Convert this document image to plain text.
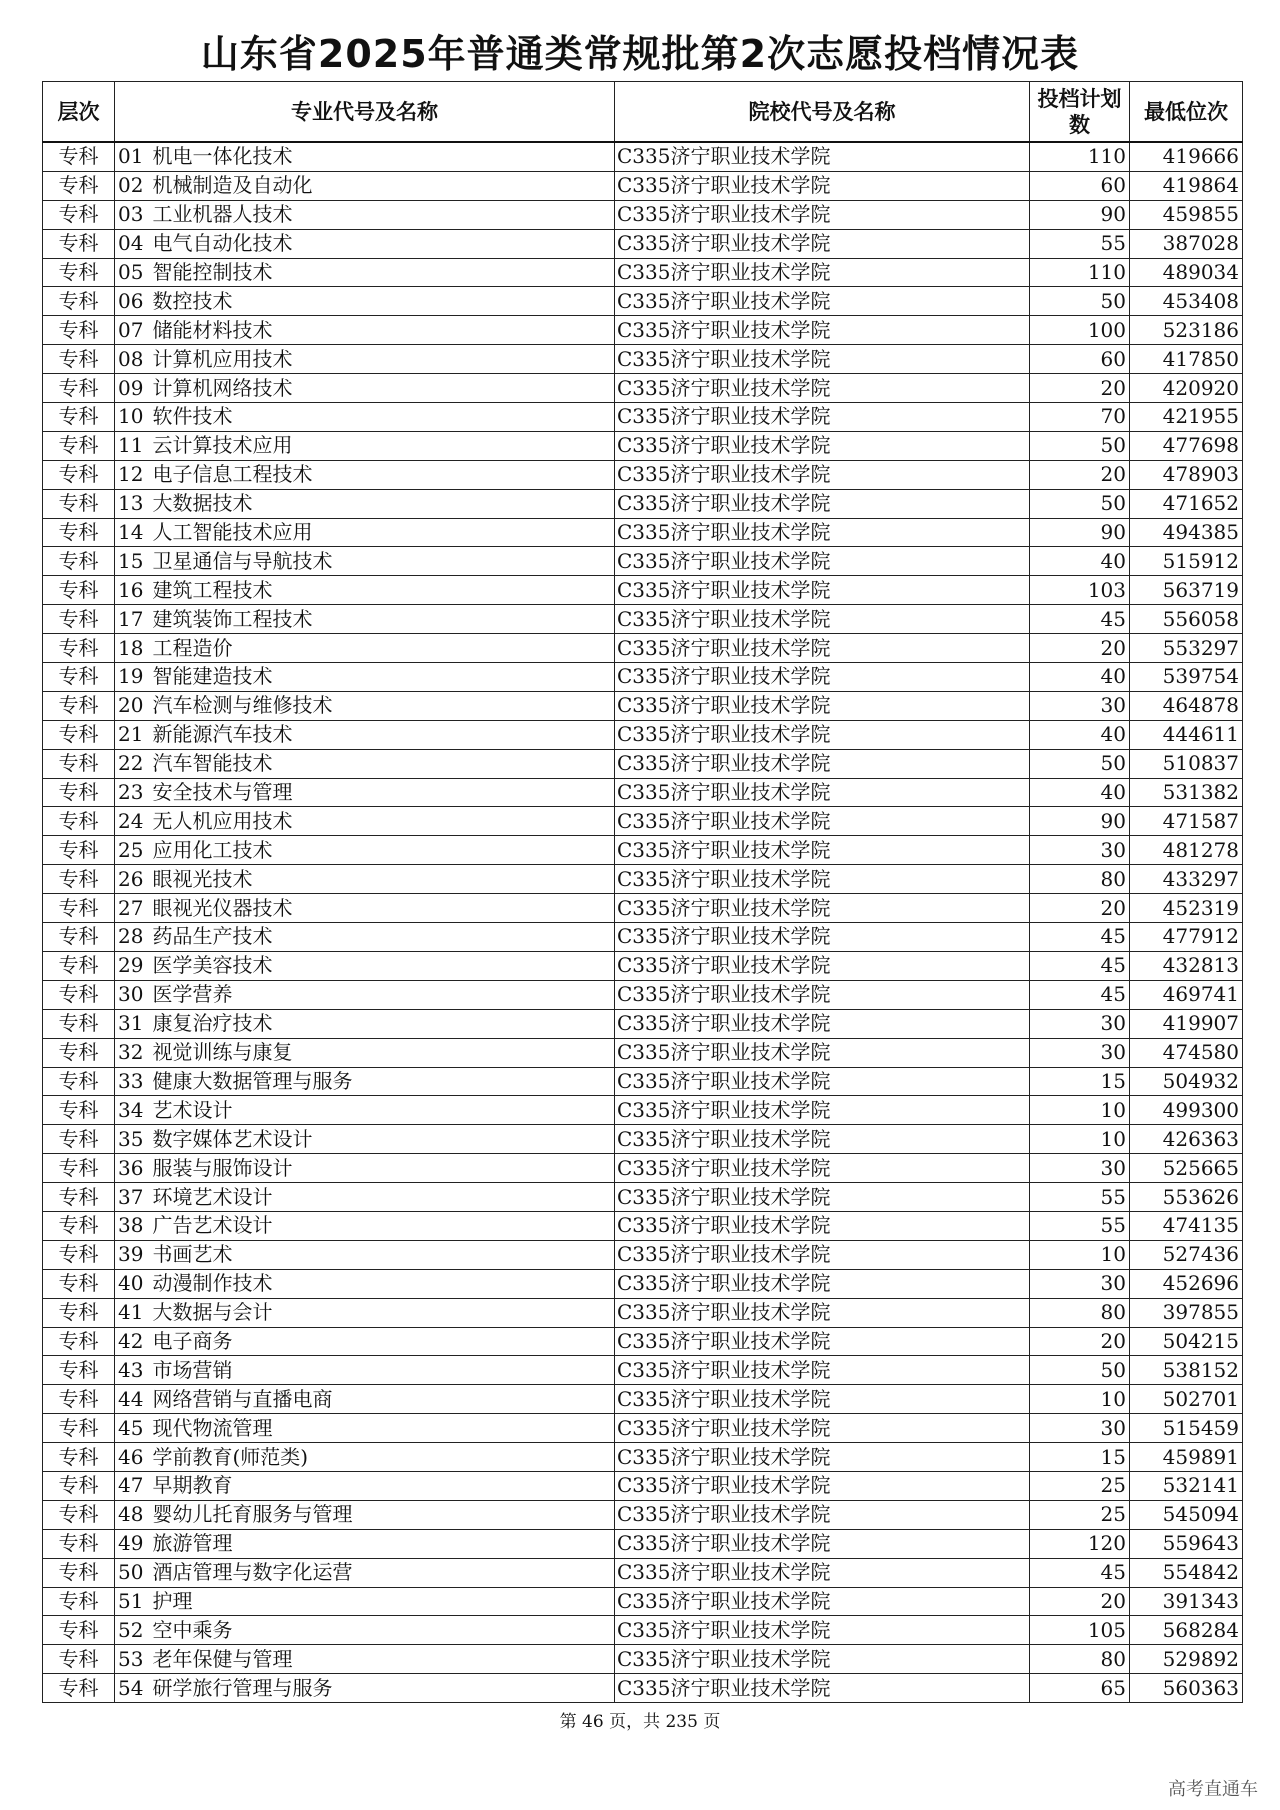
山东省2025年普通类常规批第2次志愿投档情况表
层次	专业代号及名称	院校代号及名称	投档计划数	最低位次
专科	01 机电一体化技术	C335济宁职业技术学院	110	419666
专科	02 机械制造及自动化	C335济宁职业技术学院	60	419864
专科	03 工业机器人技术	C335济宁职业技术学院	90	459855
专科	04 电气自动化技术	C335济宁职业技术学院	55	387028
专科	05 智能控制技术	C335济宁职业技术学院	110	489034
专科	06 数控技术	C335济宁职业技术学院	50	453408
专科	07 储能材料技术	C335济宁职业技术学院	100	523186
专科	08 计算机应用技术	C335济宁职业技术学院	60	417850
专科	09 计算机网络技术	C335济宁职业技术学院	20	420920
专科	10 软件技术	C335济宁职业技术学院	70	421955
专科	11 云计算技术应用	C335济宁职业技术学院	50	477698
专科	12 电子信息工程技术	C335济宁职业技术学院	20	478903
专科	13 大数据技术	C335济宁职业技术学院	50	471652
专科	14 人工智能技术应用	C335济宁职业技术学院	90	494385
专科	15 卫星通信与导航技术	C335济宁职业技术学院	40	515912
专科	16 建筑工程技术	C335济宁职业技术学院	103	563719
专科	17 建筑装饰工程技术	C335济宁职业技术学院	45	556058
专科	18 工程造价	C335济宁职业技术学院	20	553297
专科	19 智能建造技术	C335济宁职业技术学院	40	539754
专科	20 汽车检测与维修技术	C335济宁职业技术学院	30	464878
专科	21 新能源汽车技术	C335济宁职业技术学院	40	444611
专科	22 汽车智能技术	C335济宁职业技术学院	50	510837
专科	23 安全技术与管理	C335济宁职业技术学院	40	531382
专科	24 无人机应用技术	C335济宁职业技术学院	90	471587
专科	25 应用化工技术	C335济宁职业技术学院	30	481278
专科	26 眼视光技术	C335济宁职业技术学院	80	433297
专科	27 眼视光仪器技术	C335济宁职业技术学院	20	452319
专科	28 药品生产技术	C335济宁职业技术学院	45	477912
专科	29 医学美容技术	C335济宁职业技术学院	45	432813
专科	30 医学营养	C335济宁职业技术学院	45	469741
专科	31 康复治疗技术	C335济宁职业技术学院	30	419907
专科	32 视觉训练与康复	C335济宁职业技术学院	30	474580
专科	33 健康大数据管理与服务	C335济宁职业技术学院	15	504932
专科	34 艺术设计	C335济宁职业技术学院	10	499300
专科	35 数字媒体艺术设计	C335济宁职业技术学院	10	426363
专科	36 服装与服饰设计	C335济宁职业技术学院	30	525665
专科	37 环境艺术设计	C335济宁职业技术学院	55	553626
专科	38 广告艺术设计	C335济宁职业技术学院	55	474135
专科	39 书画艺术	C335济宁职业技术学院	10	527436
专科	40 动漫制作技术	C335济宁职业技术学院	30	452696
专科	41 大数据与会计	C335济宁职业技术学院	80	397855
专科	42 电子商务	C335济宁职业技术学院	20	504215
专科	43 市场营销	C335济宁职业技术学院	50	538152
专科	44 网络营销与直播电商	C335济宁职业技术学院	10	502701
专科	45 现代物流管理	C335济宁职业技术学院	30	515459
专科	46 学前教育(师范类)	C335济宁职业技术学院	15	459891
专科	47 早期教育	C335济宁职业技术学院	25	532141
专科	48 婴幼儿托育服务与管理	C335济宁职业技术学院	25	545094
专科	49 旅游管理	C335济宁职业技术学院	120	559643
专科	50 酒店管理与数字化运营	C335济宁职业技术学院	45	554842
专科	51 护理	C335济宁职业技术学院	20	391343
专科	52 空中乘务	C335济宁职业技术学院	105	568284
专科	53 老年保健与管理	C335济宁职业技术学院	80	529892
专科	54 研学旅行管理与服务	C335济宁职业技术学院	65	560363
第 46 页，共 235 页
高考直通车
